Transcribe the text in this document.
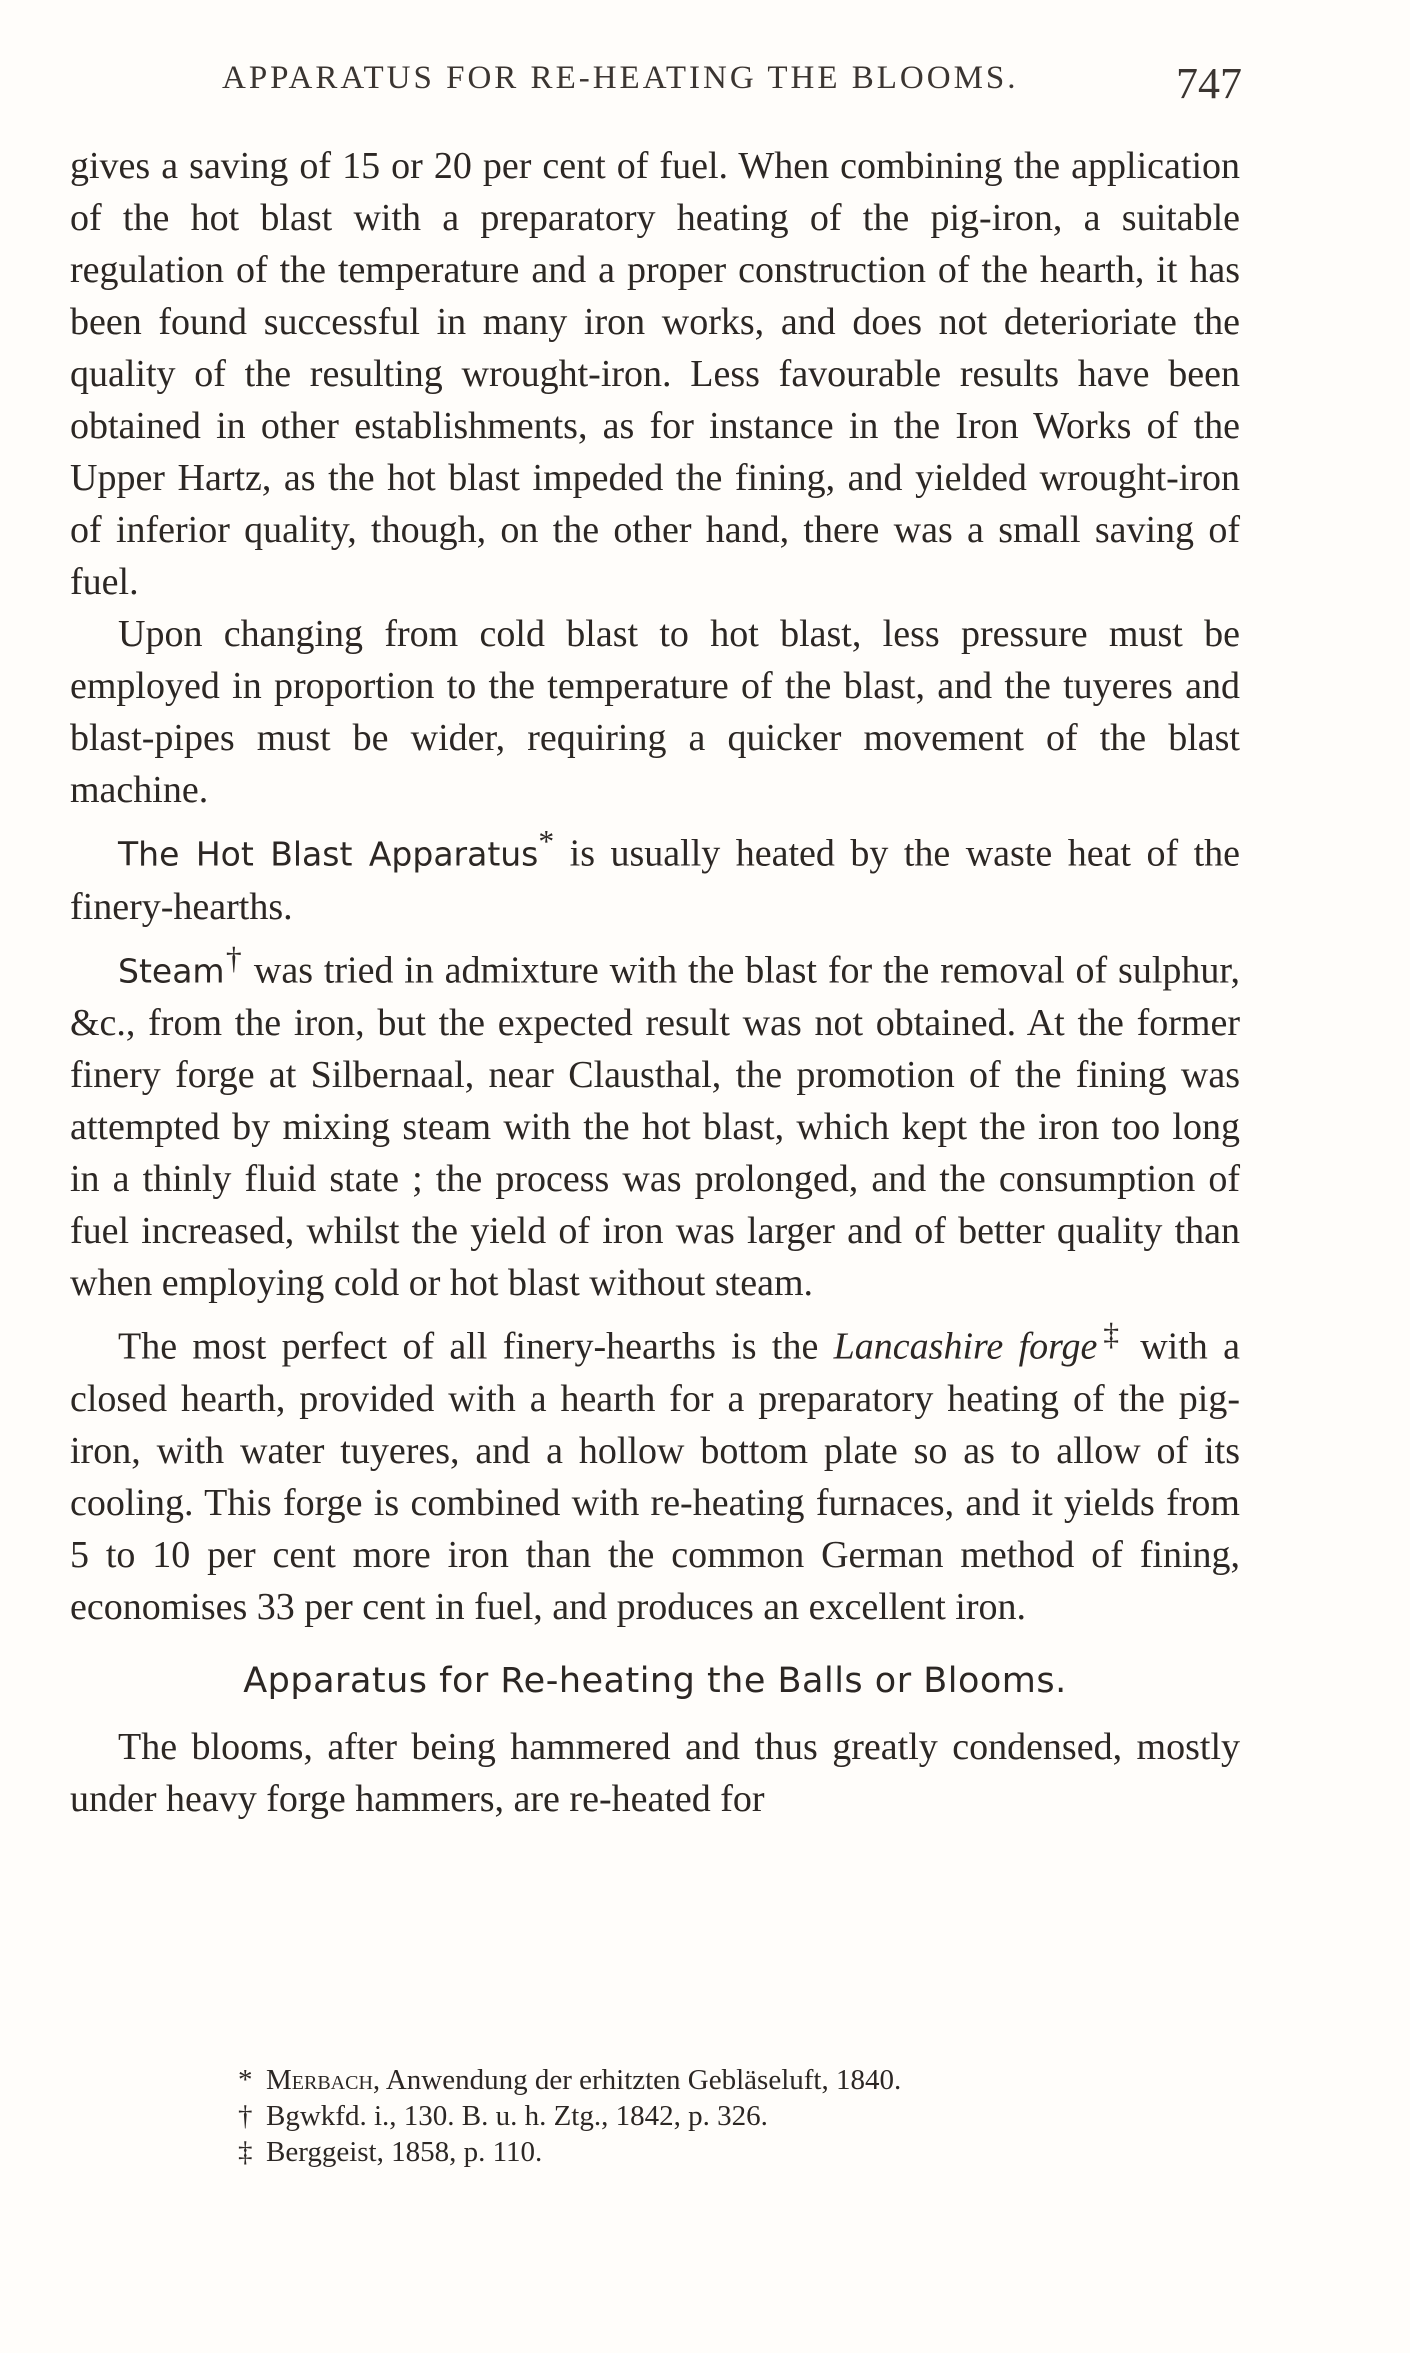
APPARATUS FOR RE-HEATING THE BLOOMS.	747

gives a saving of 15 or 20 per cent of fuel. When combining the application of the hot blast with a preparatory heating of the pig-iron, a suitable regulation of the temperature and a proper construction of the hearth, it has been found successful in many iron works, and does not deterioriate the quality of the resulting wrought-iron. Less favourable results have been obtained in other establishments, as for instance in the Iron Works of the Upper Hartz, as the hot blast impeded the fining, and yielded wrought-iron of inferior quality, though, on the other hand, there was a small saving of fuel.

Upon changing from cold blast to hot blast, less pressure must be employed in proportion to the temperature of the blast, and the tuyeres and blast-pipes must be wider, requiring a quicker movement of the blast machine.

The Hot Blast Apparatus* is usually heated by the waste heat of the finery-hearths.

Steam† was tried in admixture with the blast for the removal of sulphur, &c., from the iron, but the expected result was not obtained. At the former finery forge at Silbernaal, near Clausthal, the promotion of the fining was attempted by mixing steam with the hot blast, which kept the iron too long in a thinly fluid state ; the process was prolonged, and the consumption of fuel increased, whilst the yield of iron was larger and of better quality than when employing cold or hot blast without steam.

The most perfect of all finery-hearths is the Lancashire forge‡ with a closed hearth, provided with a hearth for a preparatory heating of the pig-iron, with water tuyeres, and a hollow bottom plate so as to allow of its cooling. This forge is combined with re-heating furnaces, and it yields from 5 to 10 per cent more iron than the common German method of fining, economises 33 per cent in fuel, and produces an excellent iron.

Apparatus for Re-heating the Balls or Blooms.

The blooms, after being hammered and thus greatly condensed, mostly under heavy forge hammers, are re-heated for

* Merbach, Anwendung der erhitzten Gebläseluft, 1840.
† Bgwkfd. i., 130. B. u. h. Ztg., 1842, p. 326.
‡ Berggeist, 1858, p. 110.
